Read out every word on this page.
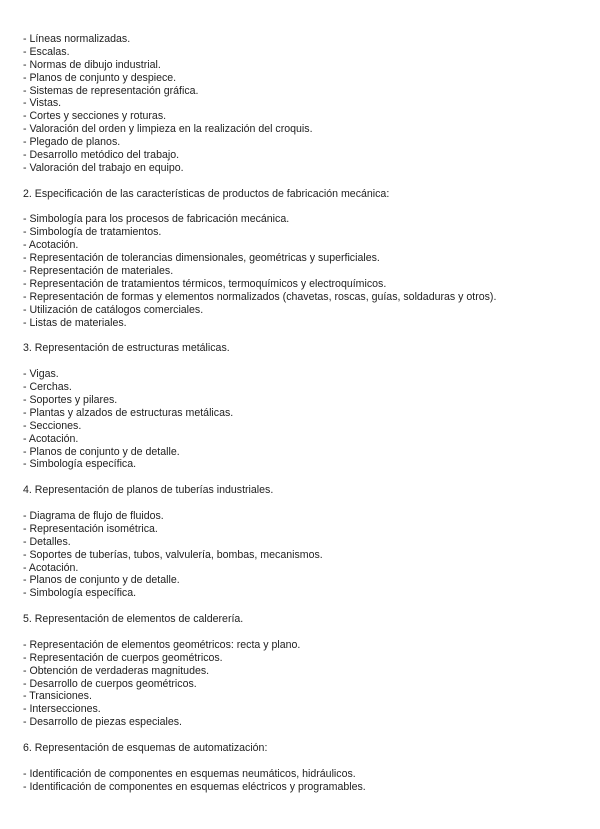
- Líneas normalizadas.
- Escalas.
- Normas de dibujo industrial.
- Planos de conjunto y despiece.
- Sistemas de representación gráfica.
- Vistas.
- Cortes y secciones y roturas.
- Valoración del orden y limpieza en la realización del croquis.
- Plegado de planos.
- Desarrollo metódico del trabajo.
- Valoración del trabajo en equipo.
2. Especificación de las características de productos de fabricación mecánica:
- Simbología para los procesos de fabricación mecánica.
- Simbología de tratamientos.
- Acotación.
- Representación de tolerancias dimensionales, geométricas y superficiales.
- Representación de materiales.
- Representación de tratamientos térmicos, termoquímicos y electroquímicos.
- Representación de formas y elementos normalizados (chavetas, roscas, guías, soldaduras y otros).
- Utilización de catálogos comerciales.
- Listas de materiales.
3. Representación de estructuras metálicas.
- Vigas.
- Cerchas.
- Soportes y pilares.
- Plantas y alzados de estructuras metálicas.
- Secciones.
- Acotación.
- Planos de conjunto y de detalle.
- Simbología específica.
4. Representación de planos de tuberías industriales.
- Diagrama de flujo de fluidos.
- Representación isométrica.
- Detalles.
- Soportes de tuberías, tubos, valvulería, bombas, mecanismos.
- Acotación.
- Planos de conjunto y de detalle.
- Simbología específica.
5. Representación de elementos de calderería.
- Representación de elementos geométricos: recta y plano.
- Representación de cuerpos geométricos.
- Obtención de verdaderas magnitudes.
- Desarrollo de cuerpos geométricos.
- Transiciones.
- Intersecciones.
- Desarrollo de piezas especiales.
6. Representación de esquemas de automatización:
- Identificación de componentes en esquemas neumáticos, hidráulicos.
- Identificación de componentes en esquemas eléctricos y programables.
